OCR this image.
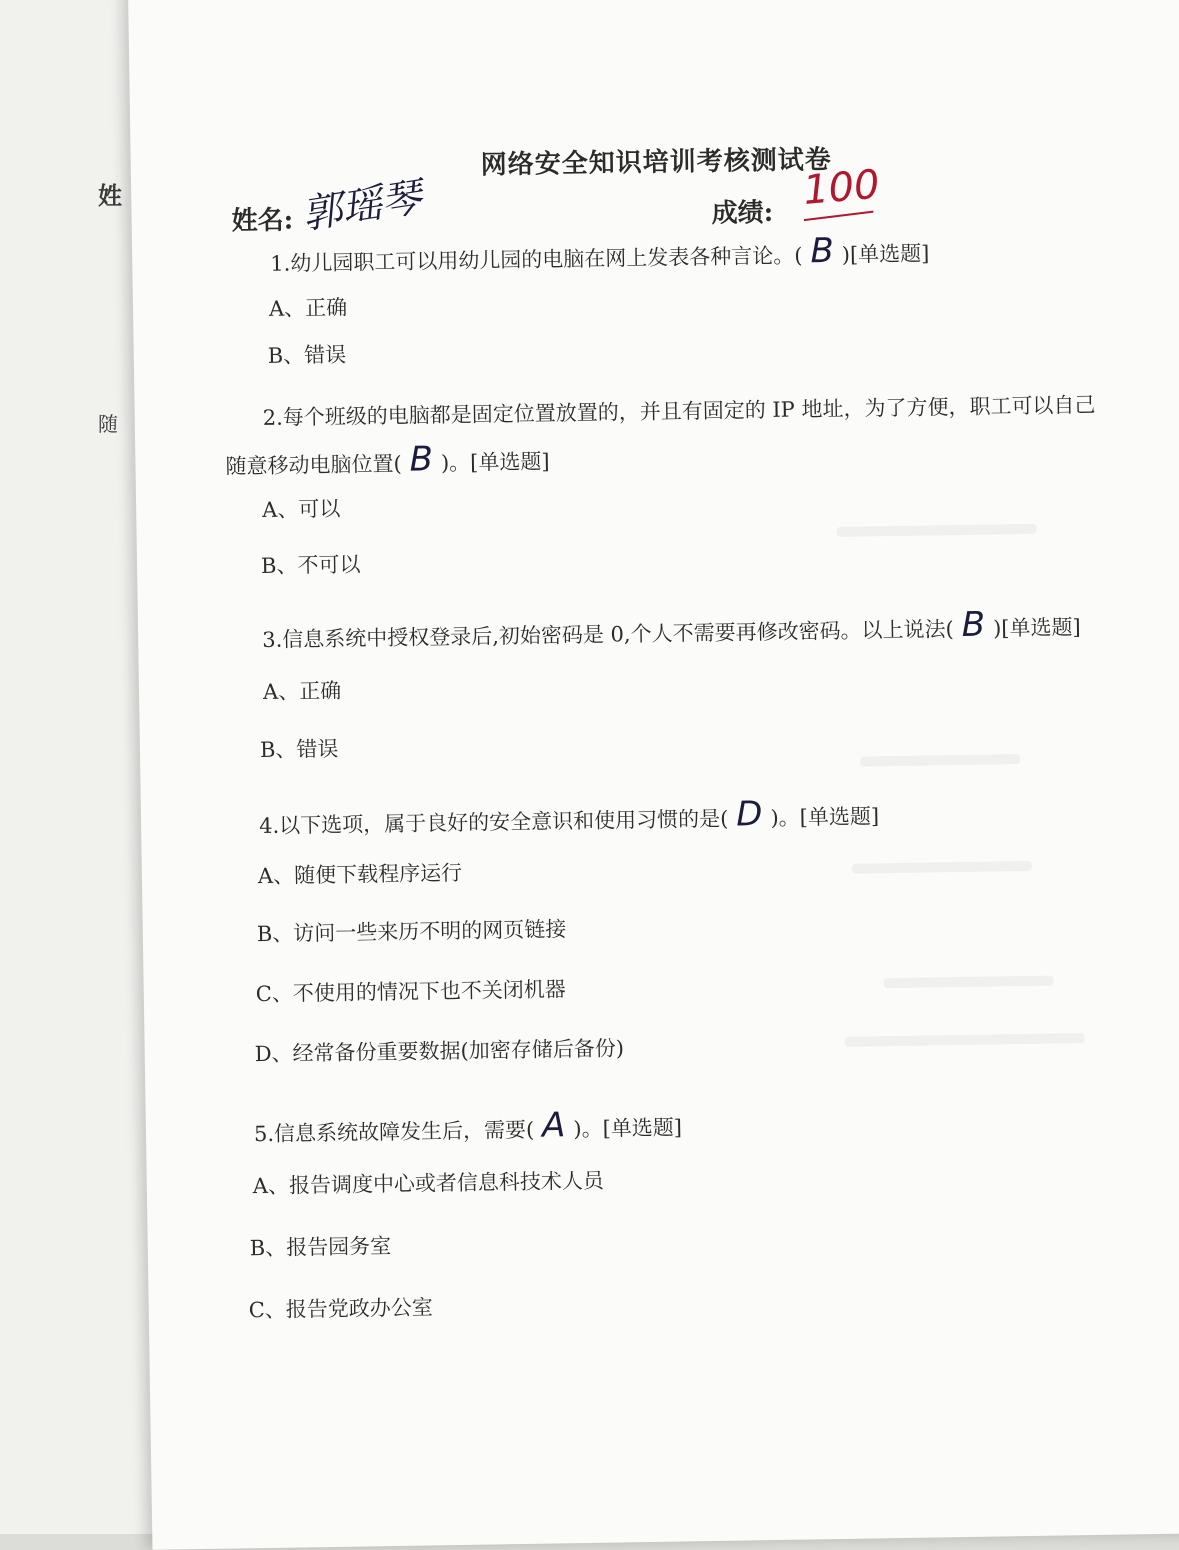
姓
随
网络安全知识培训考核测试卷
姓名: 郭瑶琴	成绩: 100
1.幼儿园职工可以用幼儿园的电脑在网上发表各种言论。( B )[单选题]
A、正确
B、错误
2.每个班级的电脑都是固定位置放置的，并且有固定的 IP 地址，为了方便，职工可以自己
随意移动电脑位置( B )。[单选题]
A、可以
B、不可以
3.信息系统中授权登录后,初始密码是 0,个人不需要再修改密码。以上说法( B )[单选题]
A、正确
B、错误
4.以下选项，属于良好的安全意识和使用习惯的是( D )。[单选题]
A、随便下载程序运行
B、访问一些来历不明的网页链接
C、不使用的情况下也不关闭机器
D、经常备份重要数据(加密存储后备份)
5.信息系统故障发生后，需要( A )。[单选题]
A、报告调度中心或者信息科技术人员
B、报告园务室
C、报告党政办公室
